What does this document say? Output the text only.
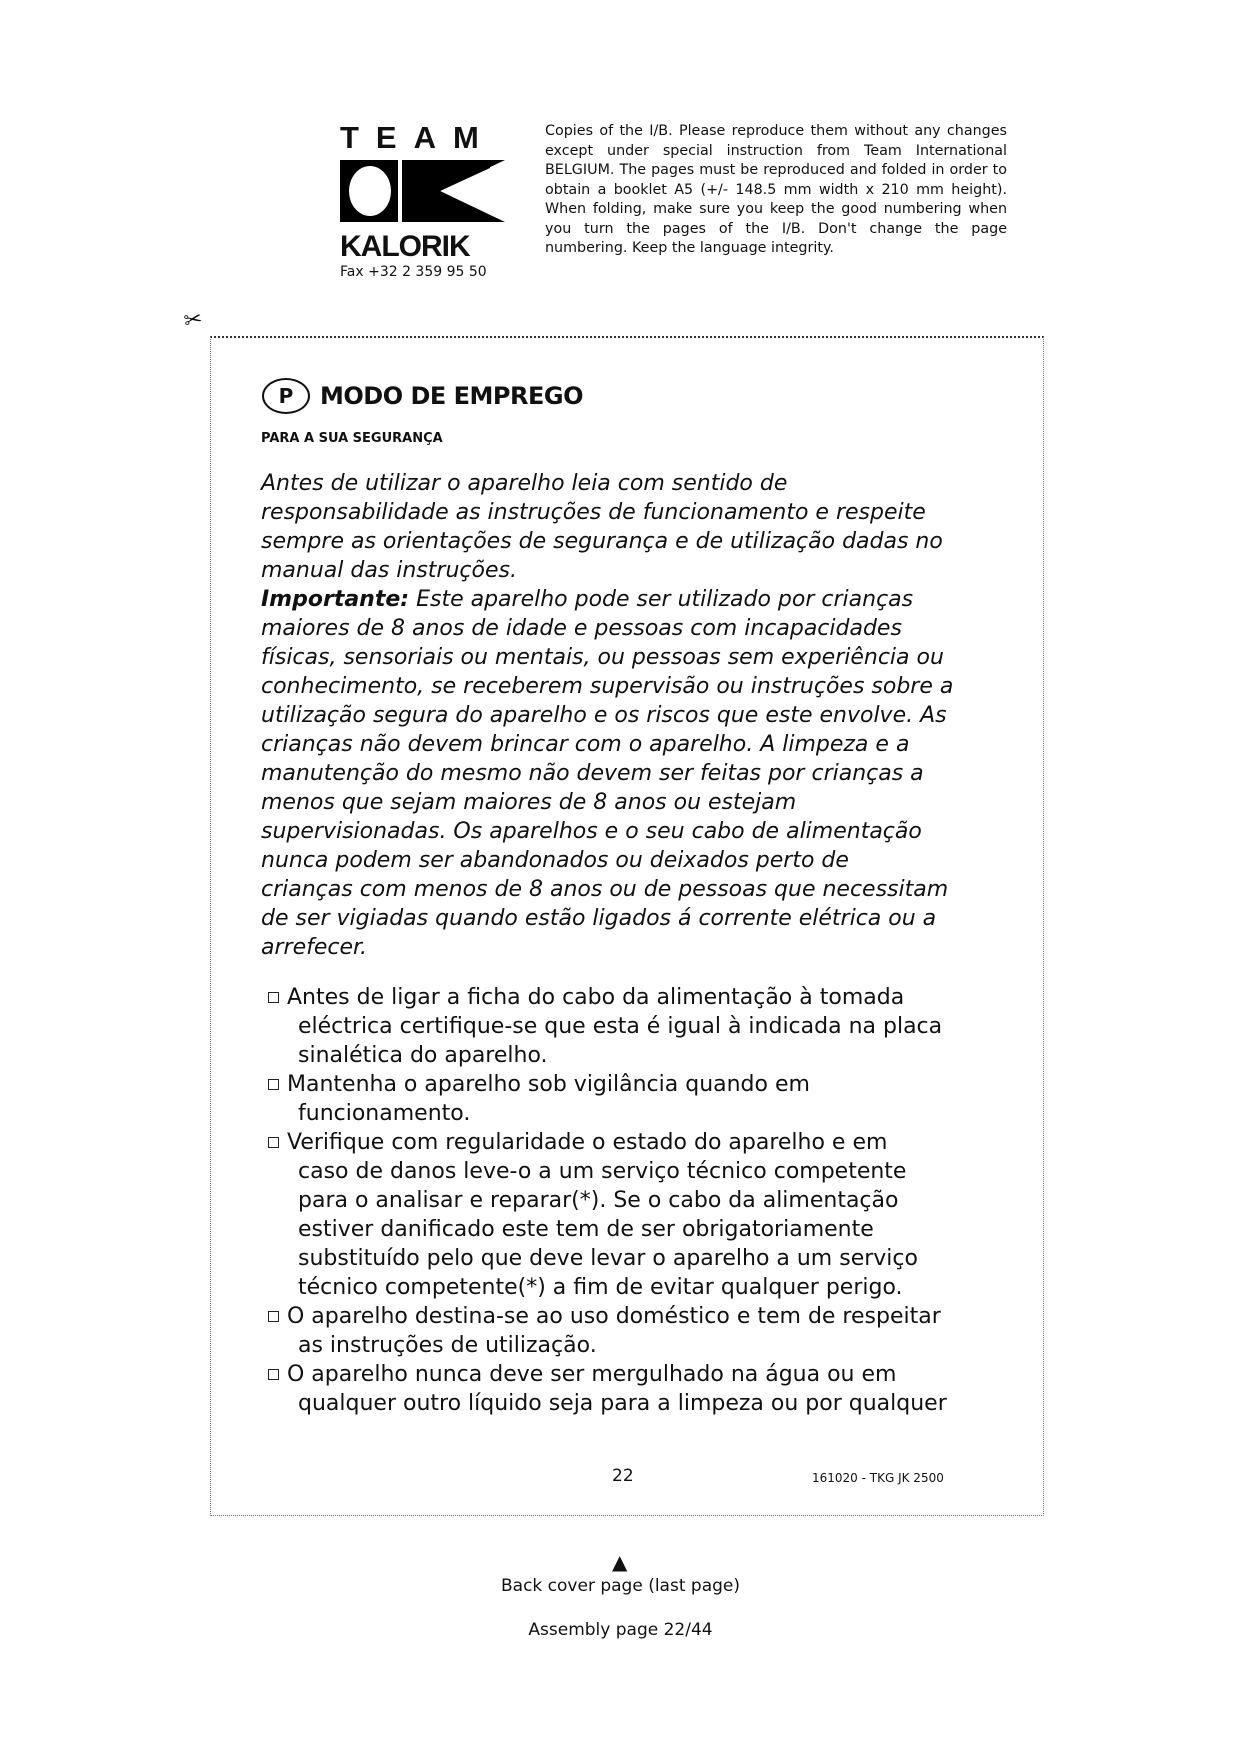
TEAM
KALORIK
Fax +32 2 359 95 50
Copies of the I/B. Please reproduce them without any changes except under special instruction from Team International BELGIUM. The pages must be reproduced and folded in order to obtain a booklet A5 (+/- 148.5 mm width x 210 mm height). When folding, make sure you keep the good numbering when you turn the pages of the I/B. Don't change the page numbering. Keep the language integrity.
✂
P	MODO DE EMPREGO
PARA A SUA SEGURANÇA
Antes de utilizar o aparelho leia com sentido de
responsabilidade as instruções de funcionamento e respeite
sempre as orientações de segurança e de utilização dadas no
manual das instruções.
Importante: Este aparelho pode ser utilizado por crianças
maiores de 8 anos de idade e pessoas com incapacidades
físicas, sensoriais ou mentais, ou pessoas sem experiência ou
conhecimento, se receberem supervisão ou instruções sobre a
utilização segura do aparelho e os riscos que este envolve. As
crianças não devem brincar com o aparelho. A limpeza e a
manutenção do mesmo não devem ser feitas por crianças a
menos que sejam maiores de 8 anos ou estejam
supervisionadas. Os aparelhos e o seu cabo de alimentação
nunca podem ser abandonados ou deixados perto de
crianças com menos de 8 anos ou de pessoas que necessitam
de ser vigiadas quando estão ligados á corrente elétrica ou a
arrefecer.
Antes de ligar a ficha do cabo da alimentação à tomada
eléctrica certifique-se que esta é igual à indicada na placa
sinalética do aparelho.
Mantenha o aparelho sob vigilância quando em
funcionamento.
Verifique com regularidade o estado do aparelho e em
caso de danos leve-o a um serviço técnico competente
para o analisar e reparar(*). Se o cabo da alimentação
estiver danificado este tem de ser obrigatoriamente
substituído pelo que deve levar o aparelho a um serviço
técnico competente(*) a fim de evitar qualquer perigo.
O aparelho destina-se ao uso doméstico e tem de respeitar
as instruções de utilização.
O aparelho nunca deve ser mergulhado na água ou em
qualquer outro líquido seja para a limpeza ou por qualquer
22	161020 - TKG JK 2500
▲
Back cover page (last page)
Assembly page 22/44
